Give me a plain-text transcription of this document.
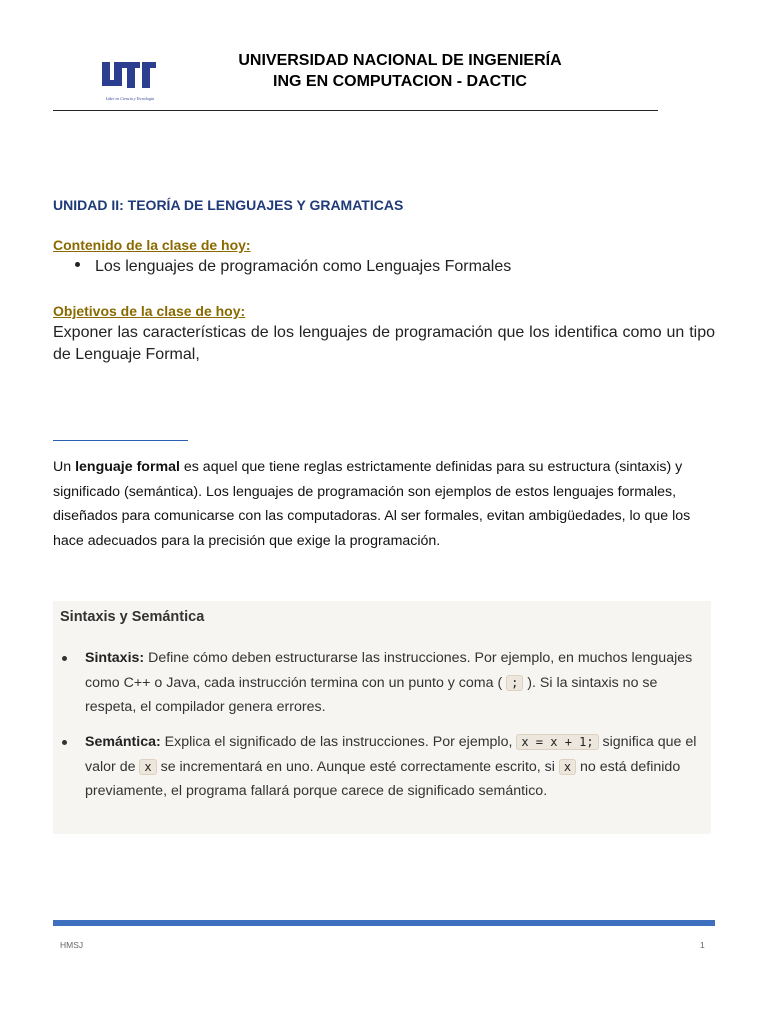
Líder en Ciencia y Tecnología
UNIVERSIDAD NACIONAL DE INGENIERÍA
ING EN COMPUTACION - DACTIC
UNIDAD II: TEORÍA DE LENGUAJES Y GRAMATICAS
Contenido de la clase de hoy:
Los lenguajes de programación como Lenguajes Formales
Objetivos de la clase de hoy:
Exponer las características de los lenguajes de programación que los identifica como un tipo de Lenguaje Formal,
Un lenguaje formal es aquel que tiene reglas estrictamente definidas para su estructura (sintaxis) y significado (semántica). Los lenguajes de programación son ejemplos de estos lenguajes formales, diseñados para comunicarse con las computadoras. Al ser formales, evitan ambigüedades, lo que los hace adecuados para la precisión que exige la programación.
Sintaxis y Semántica
Sintaxis: Define cómo deben estructurarse las instrucciones. Por ejemplo, en muchos lenguajes como C++ o Java, cada instrucción termina con un punto y coma ( ; ). Si la sintaxis no se respeta, el compilador genera errores.
Semántica: Explica el significado de las instrucciones. Por ejemplo, x = x + 1; significa que el valor de x se incrementará en uno. Aunque esté correctamente escrito, si x no está definido previamente, el programa fallará porque carece de significado semántico.
HMSJ	1
